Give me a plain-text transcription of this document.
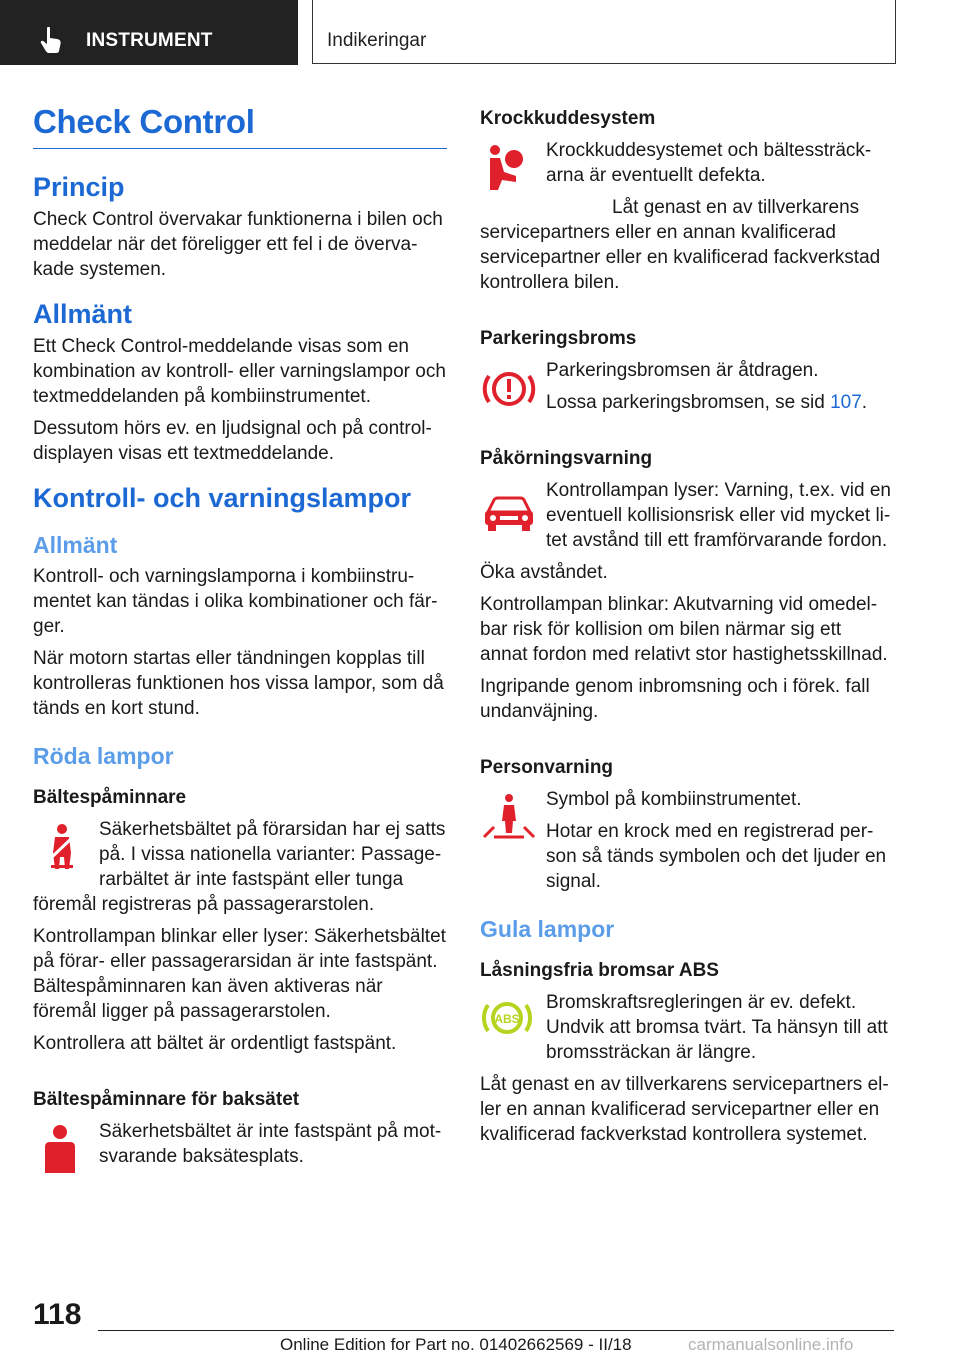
INSTRUMENT	Indikeringar
Check Control
Princip

Check Control övervakar funktionerna i bilen och meddelar när det föreligger ett fel i de övervakade systemen.

Allmänt

Ett Check Control-meddelande visas som en kombination av kontroll- eller varningslampor och textmeddelanden på kombiinstrumentet.

Dessutom hörs ev. en ljudsignal och på controldisplayen visas ett textmeddelande.

Kontroll- och varningslampor
Allmänt

Kontroll- och varningslamporna i kombiinstrumentet kan tändas i olika kombinationer och färger.

När motorn startas eller tändningen kopplas till kontrolleras funktionen hos vissa lampor, som då tänds en kort stund.

Röda lampor
Bältespåminnare

Säkerhetsbältet på förarsidan har ej satts på. I vissa nationella varianter: Passagerarbältet är inte fastspänt eller tunga föremål registreras på passagerarstolen.

Kontrollampan blinkar eller lyser: Säkerhetsbältet på förar- eller passagerarsidan är inte fastspänt. Bältespåminnaren kan även aktiveras när föremål ligger på passagerarstolen.

Kontrollera att bältet är ordentligt fastspänt.

Bältespåminnare för baksätet

Säkerhetsbältet är inte fastspänt på motsvarande baksätesplats.

Krockkuddesystem

Krockkuddesystemet och bältessträckarna är eventuellt defekta.

Låt genast en av tillverkarens servicepartners eller en annan kvalificerad servicepartner eller en kvalificerad fackverkstad kontrollera bilen.

Parkeringsbroms

Parkeringsbromsen är åtdragen.

Lossa parkeringsbromsen, se sid 107.

Påkörningsvarning

Kontrollampan lyser: Varning, t.ex. vid en eventuell kollisionsrisk eller vid mycket litet avstånd till ett framförvarande fordon.

Öka avståndet.

Kontrollampan blinkar: Akutvarning vid omedelbar risk för kollision om bilen närmar sig ett annat fordon med relativt stor hastighetsskillnad.

Ingripande genom inbromsning och i förek. fall undanväjning.

Personvarning

Symbol på kombiinstrumentet.

Hotar en krock med en registrerad person så tänds symbolen och det ljuder en signal.

Gula lampor
Låsningsfria bromsar ABS
ABS

Bromskraftsregleringen är ev. defekt. Undvik att bromsa tvärt. Ta hänsyn till att bromssträckan är längre.

Låt genast en av tillverkarens servicepartners eller en annan kvalificerad servicepartner eller en kvalificerad fackverkstad kontrollera systemet.

118
Online Edition for Part no. 01402662569 - II/18	carmanualsonline.info
